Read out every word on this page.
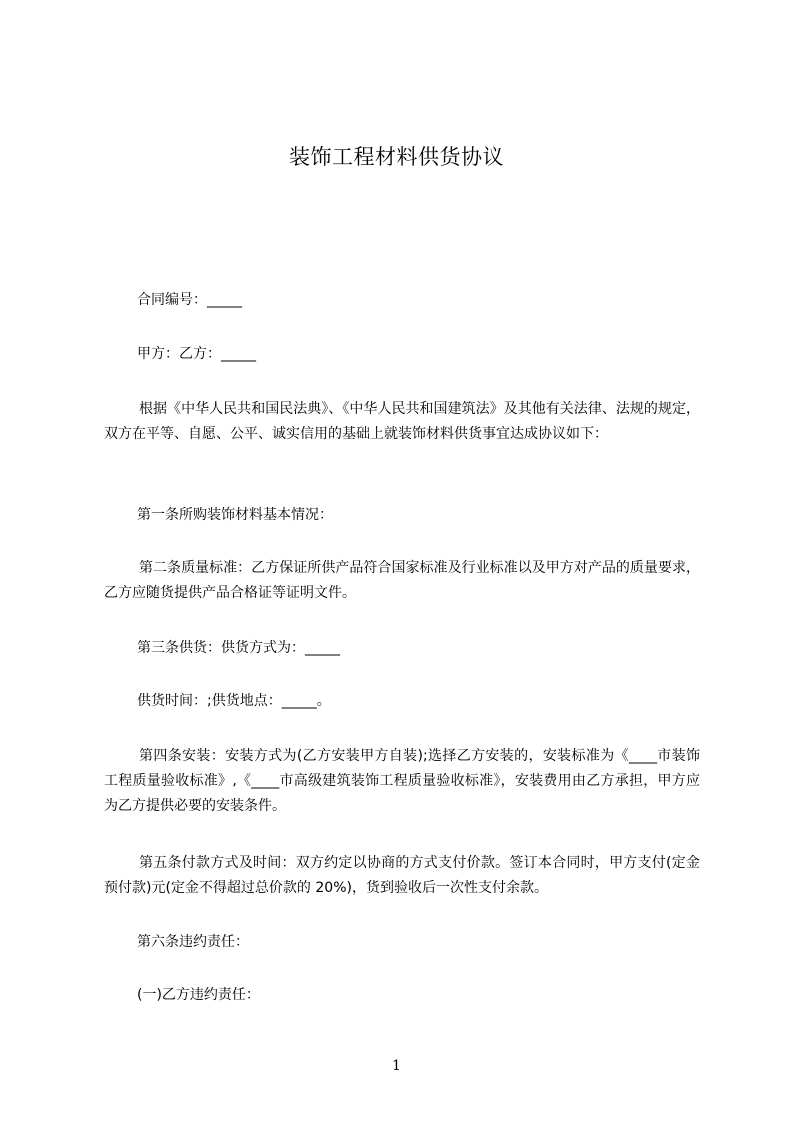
装饰工程材料供货协议
合同编号：_____
甲方：乙方：_____
根据《中华人民共和国民法典》、《中华人民共和国建筑法》及其他有关法律、法规的规定，双方在平等、自愿、公平、诚实信用的基础上就装饰材料供货事宜达成协议如下：
第一条所购装饰材料基本情况：
第二条质量标准：乙方保证所供产品符合国家标准及行业标准以及甲方对产品的质量要求，乙方应随货提供产品合格证等证明文件。
第三条供货：供货方式为：_____
供货时间：;供货地点：_____。
第四条安装：安装方式为(乙方安装甲方自装);选择乙方安装的，安装标准为《____市装饰工程质量验收标准》,《____市高级建筑装饰工程质量验收标准》，安装费用由乙方承担，甲方应为乙方提供必要的安装条件。
第五条付款方式及时间：双方约定以协商的方式支付价款。签订本合同时，甲方支付(定金预付款)元(定金不得超过总价款的 20%)，货到验收后一次性支付余款。
第六条违约责任：
(一)乙方违约责任：
1
